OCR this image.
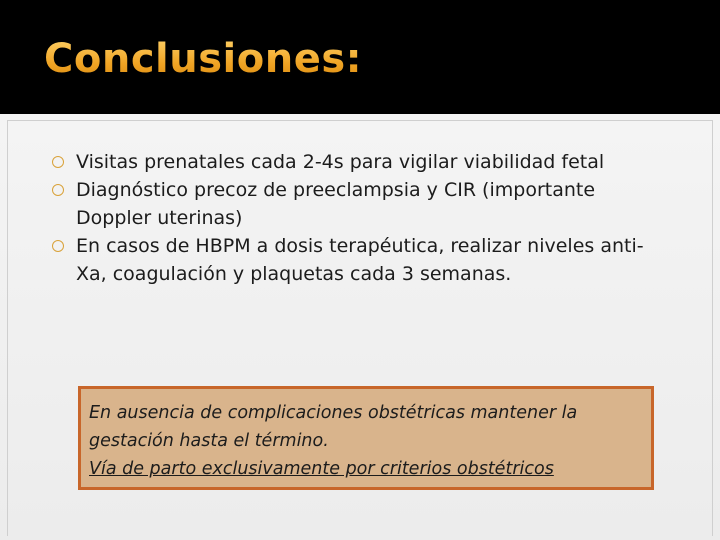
Conclusiones:
Visitas prenatales cada 2-4s para vigilar viabilidad fetal
Diagnóstico precoz de preeclampsia y CIR (importante Doppler uterinas)
En casos de HBPM a dosis terapéutica, realizar niveles anti-Xa, coagulación y plaquetas cada 3 semanas.
En ausencia de complicaciones obstétricas mantener la
gestación hasta el término.
Vía de parto exclusivamente por criterios obstétricos
